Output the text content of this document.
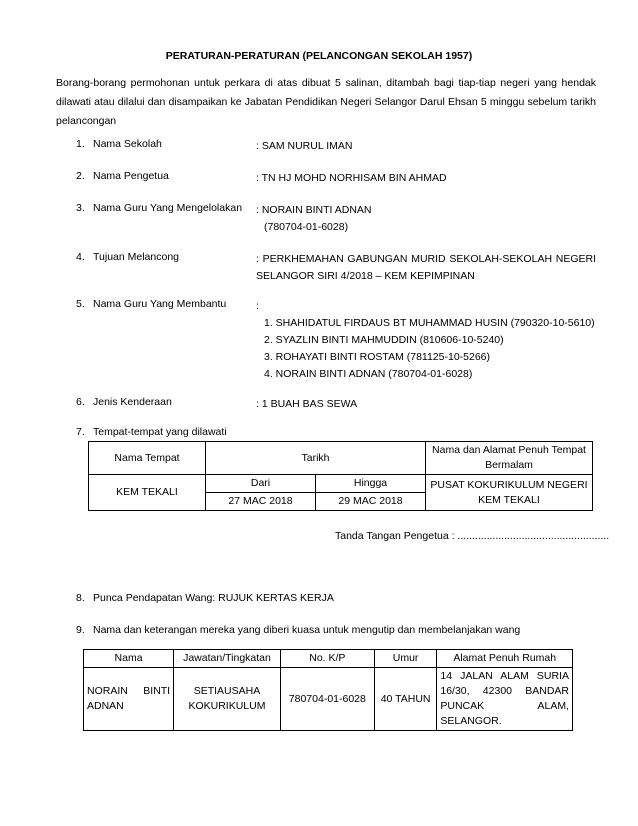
PERATURAN-PERATURAN (PELANCONGAN SEKOLAH 1957)
Borang-borang permohonan untuk perkara di atas dibuat 5 salinan, ditambah bagi tiap-tiap negeri yang hendak dilawati atau dilalui dan disampaikan ke Jabatan Pendidikan Negeri Selangor Darul Ehsan 5 minggu sebelum tarikh pelancongan
1. Nama Sekolah	: SAM NURUL IMAN
2. Nama Pengetua	: TN HJ MOHD NORHISAM BIN AHMAD
3. Nama Guru Yang Mengelolakan : NORAIN BINTI ADNAN
(780704-01-6028)
4. Tujuan Melancong	: PERKHEMAHAN GABUNGAN MURID SEKOLAH-SEKOLAH NEGERI SELANGOR SIRI 4/2018 – KEM KEPIMPINAN
5. Nama Guru Yang Membantu	:
1. SHAHIDATUL FIRDAUS BT MUHAMMAD HUSIN (790320-10-5610)
2. SYAZLIN BINTI MAHMUDDIN (810606-10-5240)
3. ROHAYATI BINTI ROSTAM (781125-10-5266)
4. NORAIN BINTI ADNAN (780704-01-6028)
6. Jenis Kenderaan	: 1 BUAH BAS SEWA
7. Tempat-tempat yang dilawati
Nama Tempat	Tarikh		Nama dan Alamat Penuh Tempat Bermalam
KEM TEKALI	Dari	Hingga	PUSAT KOKURIKULUM NEGERI KEM TEKALI
	27 MAC 2018	29 MAC 2018	
Tanda Tangan Pengetua : ....................................................
8. Punca Pendapatan Wang: RUJUK KERTAS KERJA
9. Nama dan keterangan mereka yang diberi kuasa untuk mengutip dan membelanjakan wang
Nama	Jawatan/Tingkatan	No. K/P	Umur	Alamat Penuh Rumah
NORAIN BINTI ADNAN	SETIAUSAHA KOKURIKULUM	780704-01-6028	40 TAHUN	14 JALAN ALAM SURIA 16/30, 42300 BANDAR PUNCAK ALAM, SELANGOR.
